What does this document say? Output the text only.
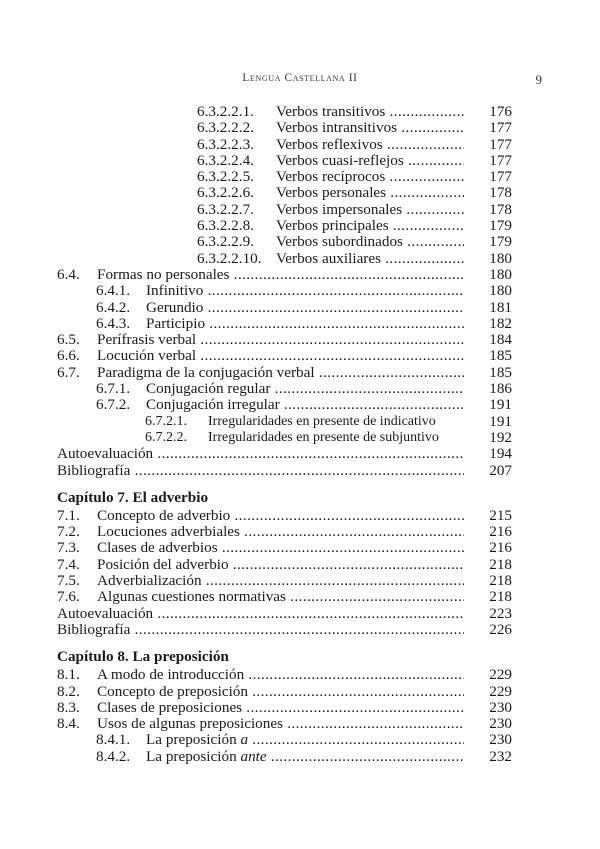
Lengua Castellana II	9
6.3.2.2.1. Verbos transitivos .....	176
6.3.2.2.2. Verbos intransitivos .....	177
6.3.2.2.3. Verbos reflexivos .....	177
6.3.2.2.4. Verbos cuasi-reflejos .....	177
6.3.2.2.5. Verbos recíprocos .....	177
6.3.2.2.6. Verbos personales .....	178
6.3.2.2.7. Verbos impersonales .....	178
6.3.2.2.8. Verbos principales .....	179
6.3.2.2.9. Verbos subordinados .....	179
6.3.2.2.10. Verbos auxiliares .....	180
6.4. Formas no personales .....	180
6.4.1. Infinitivo .....	180
6.4.2. Gerundio .....	181
6.4.3. Participio .....	182
6.5. Perífrasis verbal .....	184
6.6. Locución verbal .....	185
6.7. Paradigma de la conjugación verbal .....	185
6.7.1. Conjugación regular .....	186
6.7.2. Conjugación irregular .....	191
6.7.2.1. Irregularidades en presente de indicativo	191
6.7.2.2. Irregularidades en presente de subjuntivo	192
Autoevaluación .....	194
Bibliografía .....	207
Capítulo 7. El adverbio
7.1. Concepto de adverbio .....	215
7.2. Locuciones adverbiales .....	216
7.3. Clases de adverbios .....	216
7.4. Posición del adverbio .....	218
7.5. Adverbialización .....	218
7.6. Algunas cuestiones normativas .....	218
Autoevaluación .....	223
Bibliografía .....	226
Capítulo 8. La preposición
8.1. A modo de introducción .....	229
8.2. Concepto de preposición .....	229
8.3. Clases de preposiciones .....	230
8.4. Usos de algunas preposiciones .....	230
8.4.1. La preposición a .....	230
8.4.2. La preposición ante .....	232
